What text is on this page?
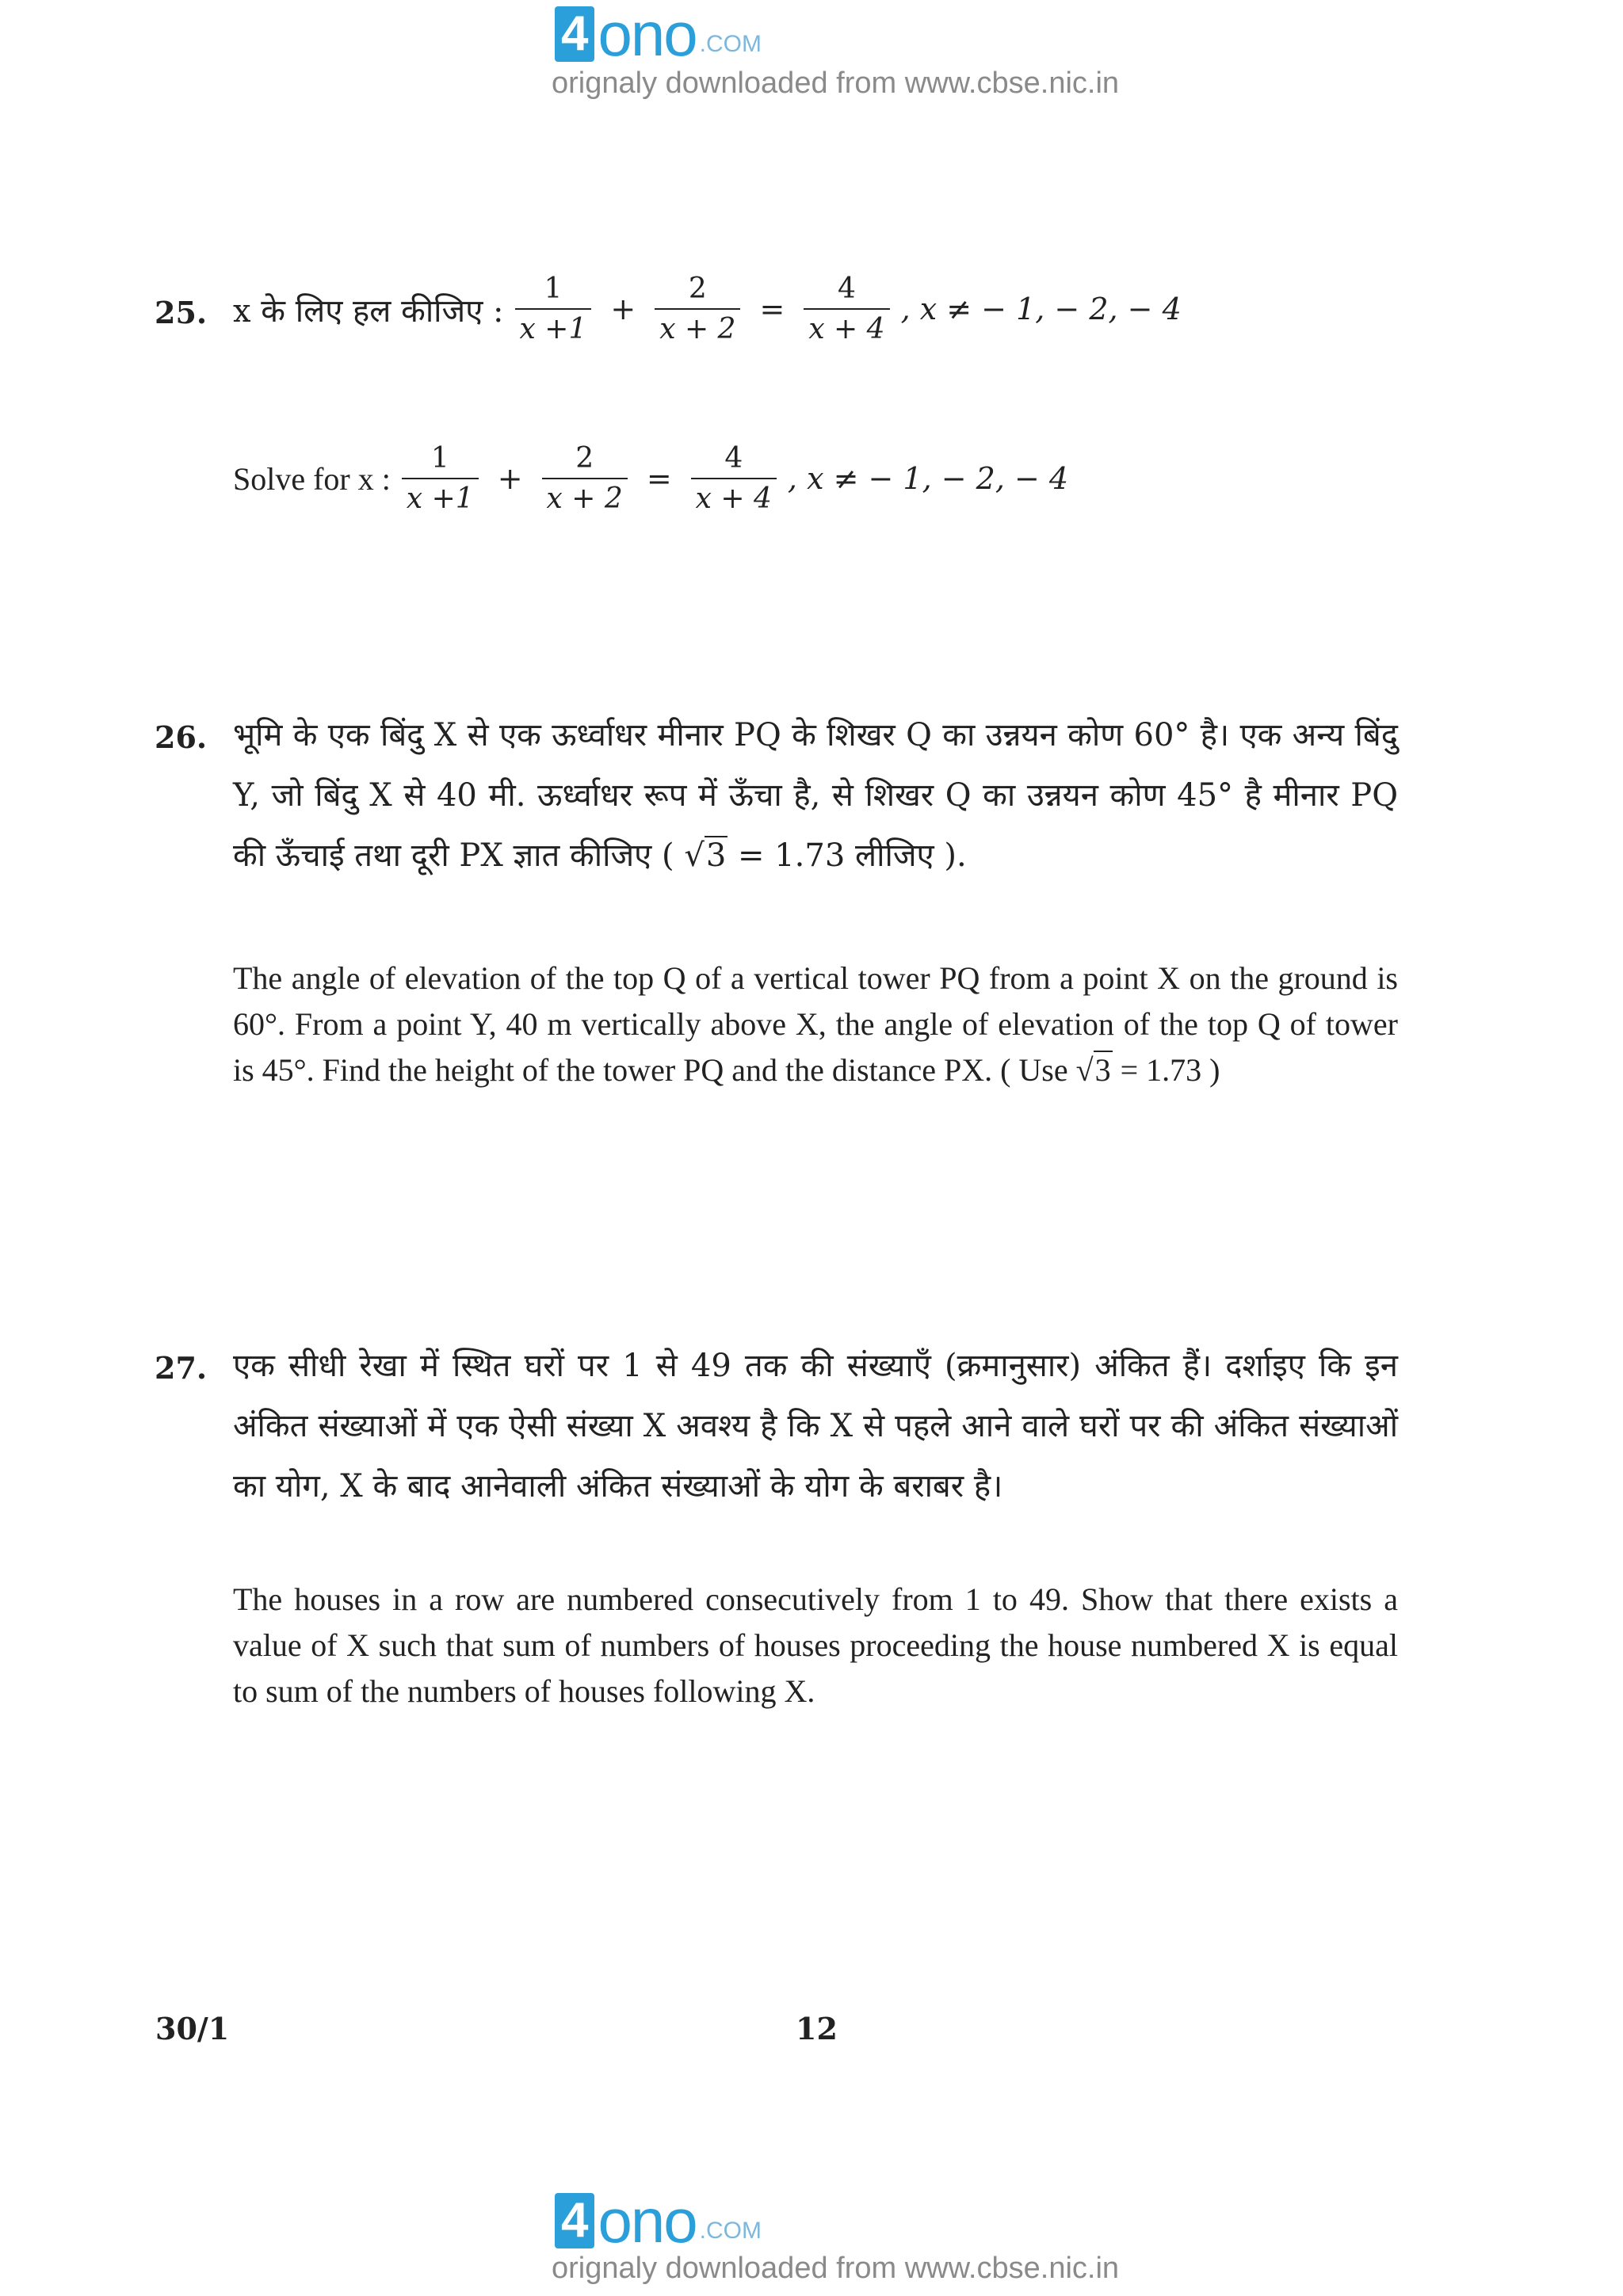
4 ono .COM
orignaly downloaded from www.cbse.nic.in
25. x के लिए हल कीजिए : $\frac{1}{x +1} + \frac{2}{x + 2} = \frac{4}{x + 4}$ , x ≠ − 1, − 2, − 4
Solve for x : $\frac{1}{x +1} + \frac{2}{x + 2} = \frac{4}{x + 4}$ , x ≠ − 1, − 2, − 4
26. भूमि के एक बिंदु X से एक ऊर्ध्वाधर मीनार PQ के शिखर Q का उन्नयन कोण 60° है। एक अन्य बिंदु Y, जो बिंदु X से 40 मी. ऊर्ध्वाधर रूप में ऊँचा है, से शिखर Q का उन्नयन कोण 45° है मीनार PQ की ऊँचाई तथा दूरी PX ज्ञात कीजिए ( √3 = 1.73 लीजिए ).
The angle of elevation of the top Q of a vertical tower PQ from a point X on the ground is 60°. From a point Y, 40 m vertically above X, the angle of elevation of the top Q of tower is 45°. Find the height of the tower PQ and the distance PX. ( Use √3 = 1.73 )
27. एक सीधी रेखा में स्थित घरों पर 1 से 49 तक की संख्याएँ (क्रमानुसार) अंकित हैं। दर्शाइए कि इन अंकित संख्याओं में एक ऐसी संख्या X अवश्य है कि X से पहले आने वाले घरों पर की अंकित संख्याओं का योग, X के बाद आनेवाली अंकित संख्याओं के योग के बराबर है।
The houses in a row are numbered consecutively from 1 to 49. Show that there exists a value of X such that sum of numbers of houses proceeding the house numbered X is equal to sum of the numbers of houses following X.
30/1	12
4 ono .COM
orignaly downloaded from www.cbse.nic.in
